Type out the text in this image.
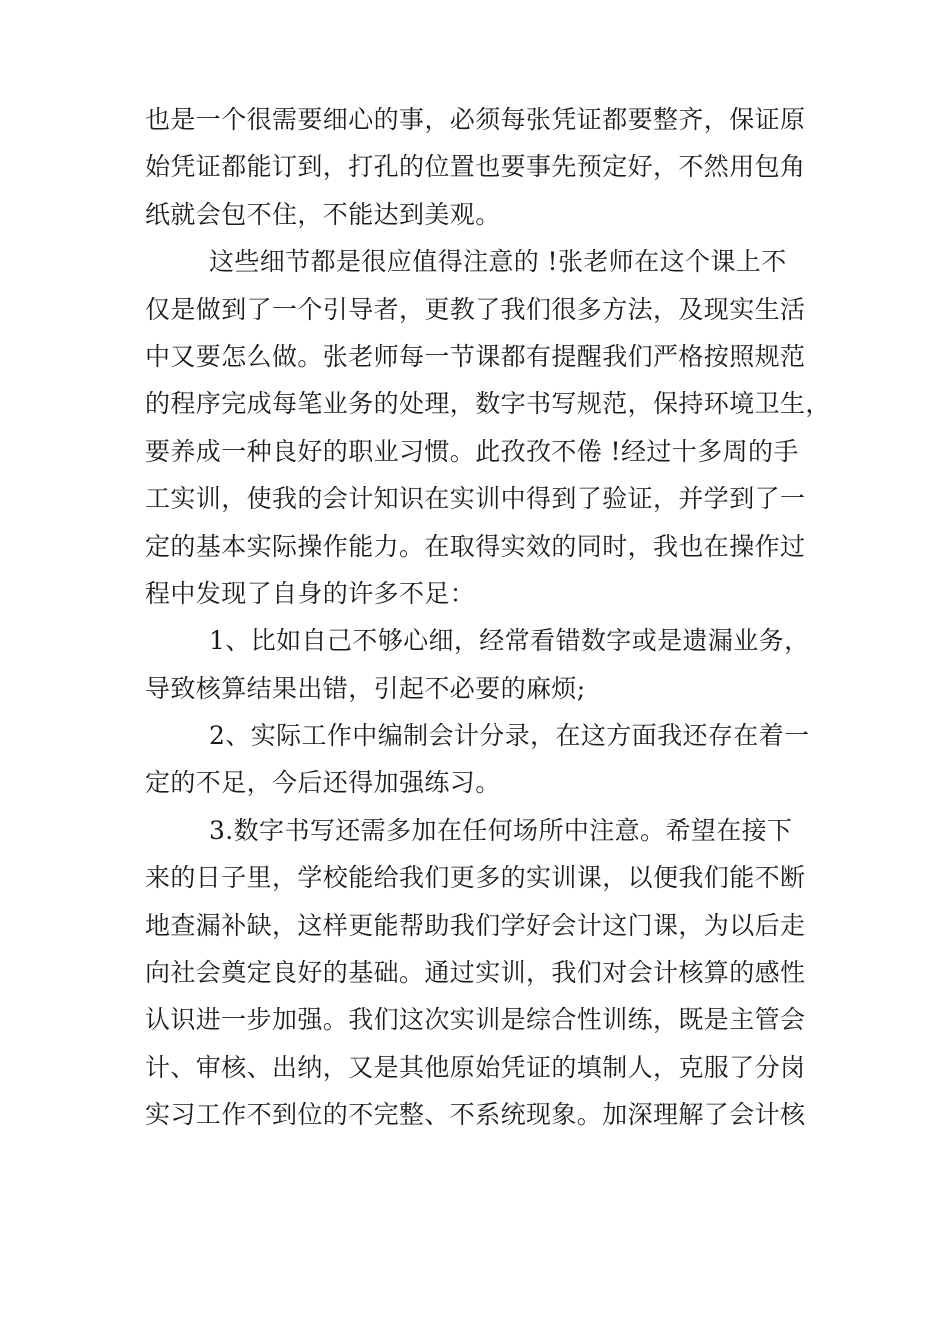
也是一个很需要细心的事，必须每张凭证都要整齐，保证原
始凭证都能订到，打孔的位置也要事先预定好，不然用包角
纸就会包不住，不能达到美观。
这些细节都是很应值得注意的 !张老师在这个课上不
仅是做到了一个引导者，更教了我们很多方法，及现实生活
中又要怎么做。张老师每一节课都有提醒我们严格按照规范
的程序完成每笔业务的处理，数字书写规范，保持环境卫生，
要养成一种良好的职业习惯。此孜孜不倦 !经过十多周的手
工实训，使我的会计知识在实训中得到了验证，并学到了一
定的基本实际操作能力。在取得实效的同时，我也在操作过
程中发现了自身的许多不足：
1、比如自己不够心细，经常看错数字或是遗漏业务，
导致核算结果出错，引起不必要的麻烦;
2、实际工作中编制会计分录，在这方面我还存在着一
定的不足，今后还得加强练习。
3.数字书写还需多加在任何场所中注意。希望在接下
来的日子里，学校能给我们更多的实训课，以便我们能不断
地查漏补缺，这样更能帮助我们学好会计这门课，为以后走
向社会奠定良好的基础。通过实训，我们对会计核算的感性
认识进一步加强。我们这次实训是综合性训练，既是主管会
计、审核、出纳，又是其他原始凭证的填制人，克服了分岗
实习工作不到位的不完整、不系统现象。加深理解了会计核
